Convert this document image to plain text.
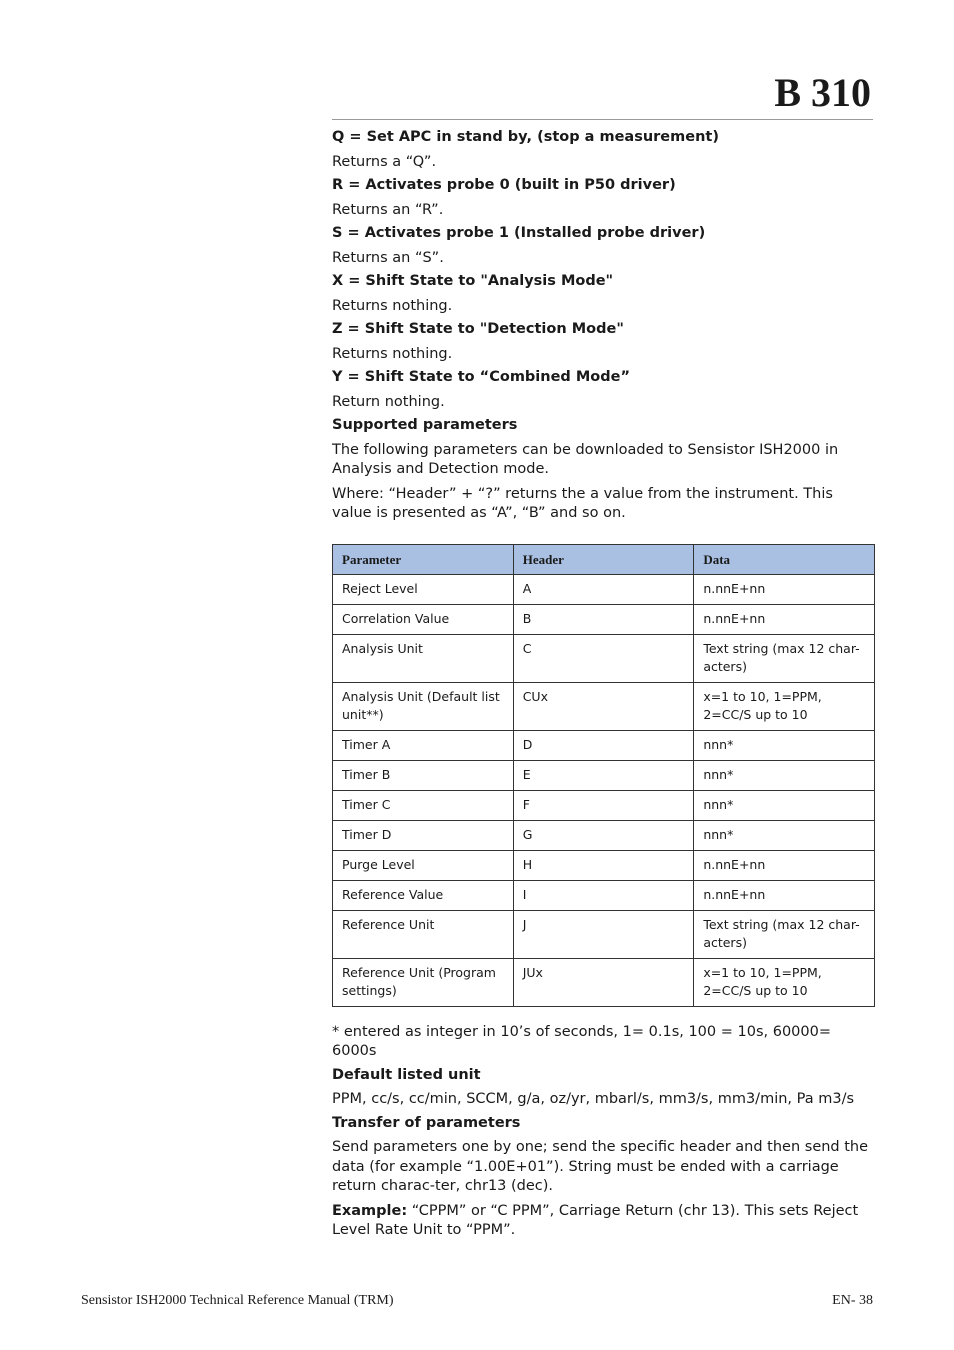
B 310

Q = Set APC in stand by, (stop a measurement)

Returns a “Q”.

R = Activates probe 0 (built in P50 driver)

Returns an “R”.

S = Activates probe 1 (Installed probe driver)

Returns an “S”.

X = Shift State to "Analysis Mode"

Returns nothing.

Z = Shift State to "Detection Mode"

Returns nothing.

Y = Shift State to “Combined Mode”

Return nothing.

Supported parameters

The following parameters can be downloaded to Sensistor ISH2000 in Analysis and Detection mode.

Where: “Header” + “?” returns the a value from the instrument. This value is presented as “A”, “B” and so on.

Parameter	Header	Data
Reject Level	A	n.nnE+nn
Correlation Value	B	n.nnE+nn
Analysis Unit	C	Text string (max 12 char-acters)
Analysis Unit (Default list unit**)	CUx	x=1 to 10, 1=PPM, 2=CC/S up to 10
Timer A	D	nnn*
Timer B	E	nnn*
Timer C	F	nnn*
Timer D	G	nnn*
Purge Level	H	n.nnE+nn
Reference Value	I	n.nnE+nn
Reference Unit	J	Text string (max 12 char-acters)
Reference Unit (Program settings)	JUx	x=1 to 10, 1=PPM, 2=CC/S up to 10

* entered as integer in 10’s of seconds, 1= 0.1s, 100 = 10s, 60000= 6000s

Default listed unit

PPM, cc/s, cc/min, SCCM, g/a, oz/yr, mbarl/s, mm3/s, mm3/min, Pa m3/s

Transfer of parameters

Send parameters one by one; send the specific header and then send the data (for example “1.00E+01”). String must be ended with a carriage return charac-ter, chr13 (dec).

Example: “CPPM” or “C PPM”, Carriage Return (chr 13). This sets Reject Level Rate Unit to “PPM”.

Sensistor ISH2000 Technical Reference Manual (TRM)	EN- 38
